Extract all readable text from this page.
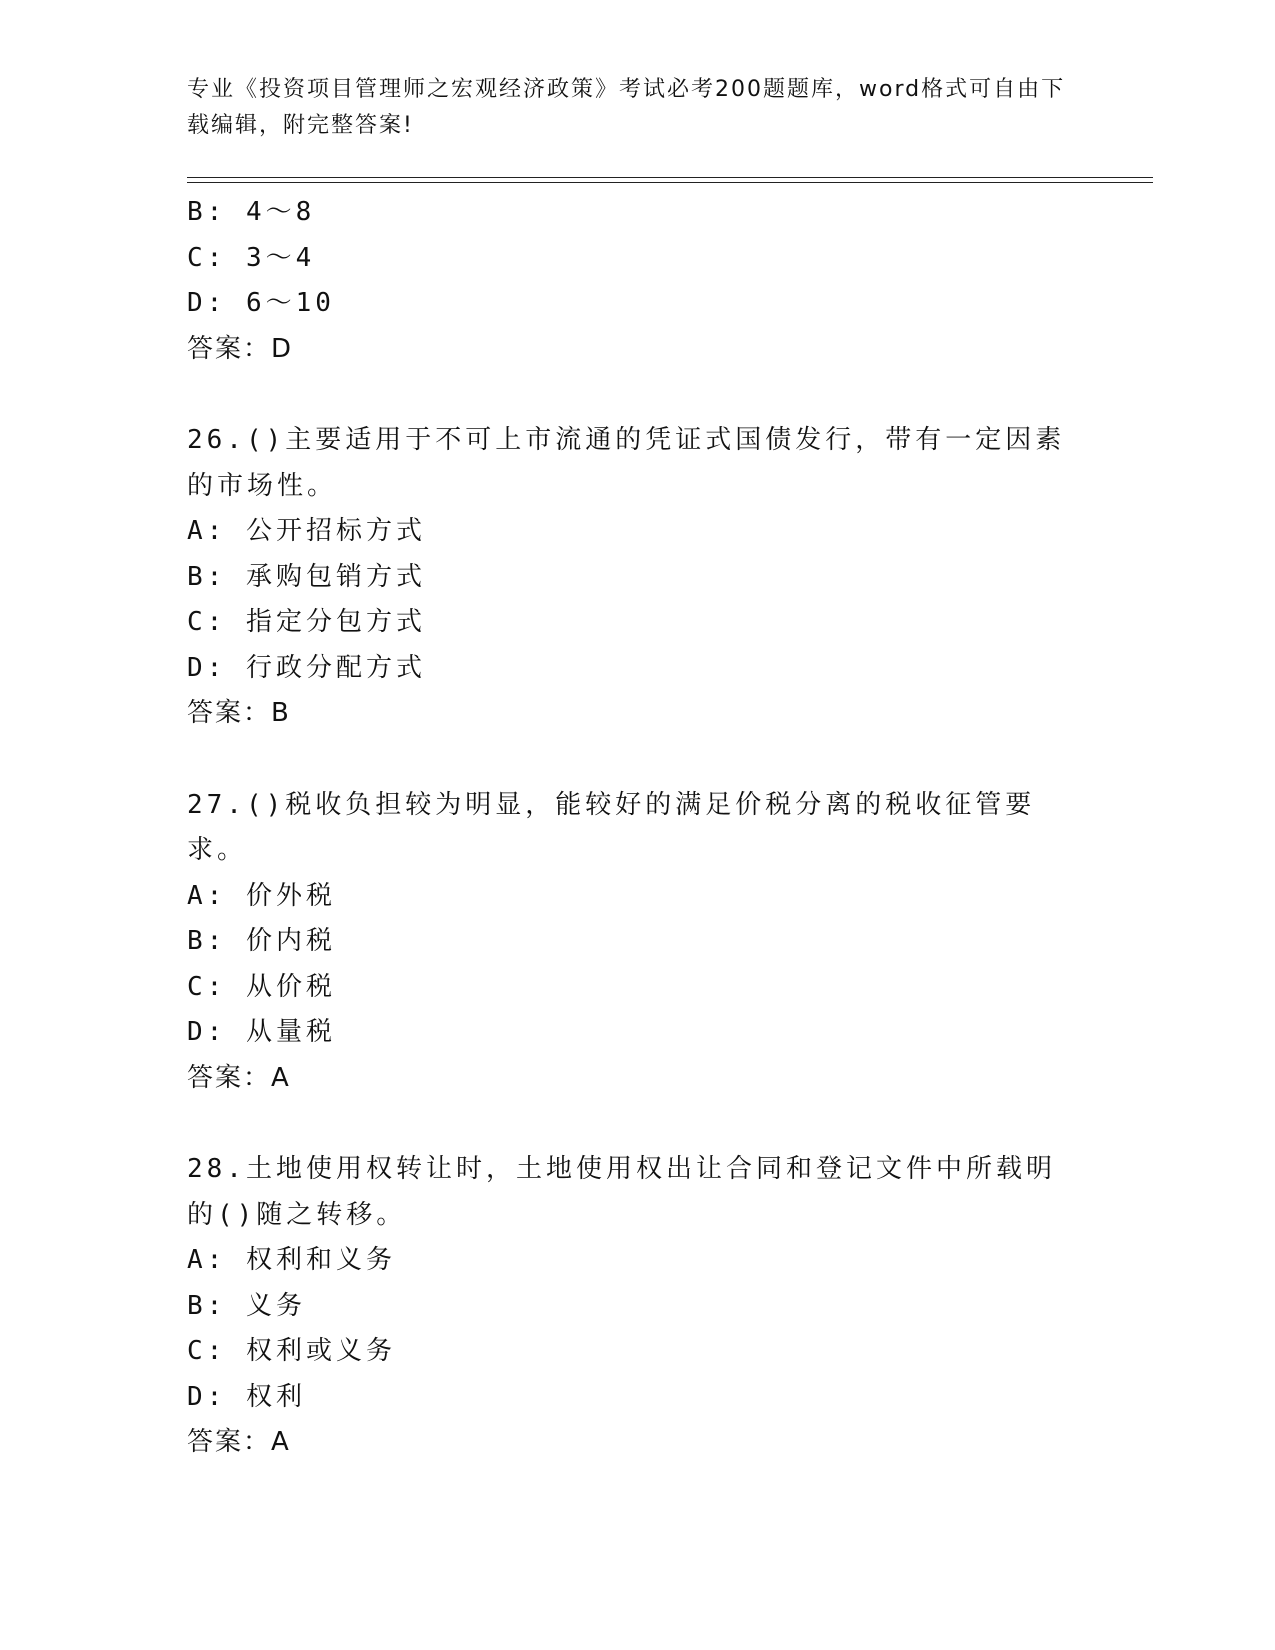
专业《投资项目管理师之宏观经济政策》考试必考200题题库，word格式可自由下载编辑，附完整答案!
B: 4～8
C: 3～4
D: 6～10
答案：D
26.()主要适用于不可上市流通的凭证式国债发行，带有一定因素的市场性。
A: 公开招标方式
B: 承购包销方式
C: 指定分包方式
D: 行政分配方式
答案：B
27.()税收负担较为明显，能较好的满足价税分离的税收征管要求。
A: 价外税
B: 价内税
C: 从价税
D: 从量税
答案：A
28.土地使用权转让时，土地使用权出让合同和登记文件中所载明的()随之转移。
A: 权利和义务
B: 义务
C: 权利或义务
D: 权利
答案：A
